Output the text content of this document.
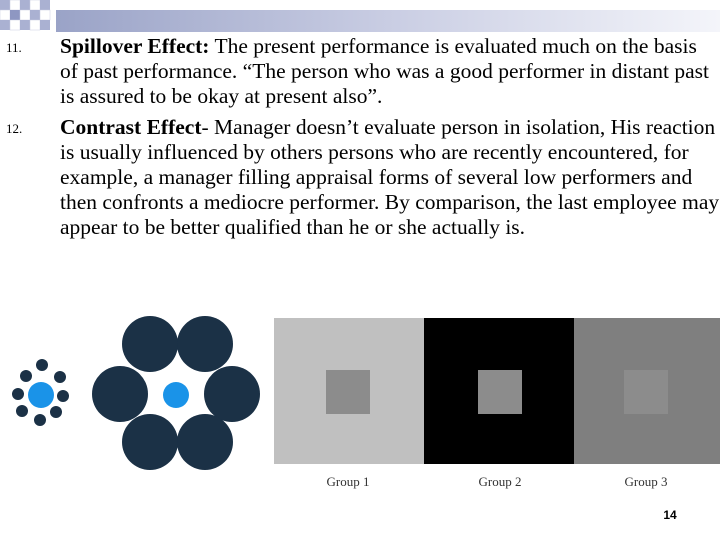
11.	Spillover Effect: The present performance is evaluated much on the basis of past performance. “The person who was a good performer in distant past is assured to be okay at present also”.
12.	Contrast Effect- Manager doesn’t evaluate person in isolation, His reaction is usually influenced by others persons who are recently encountered, for example, a manager filling appraisal forms of several low performers and then confronts a mediocre performer. By comparison, the last employee may appear to be better qualified than he or she actually is.
Group 1	Group 2	Group 3
14
